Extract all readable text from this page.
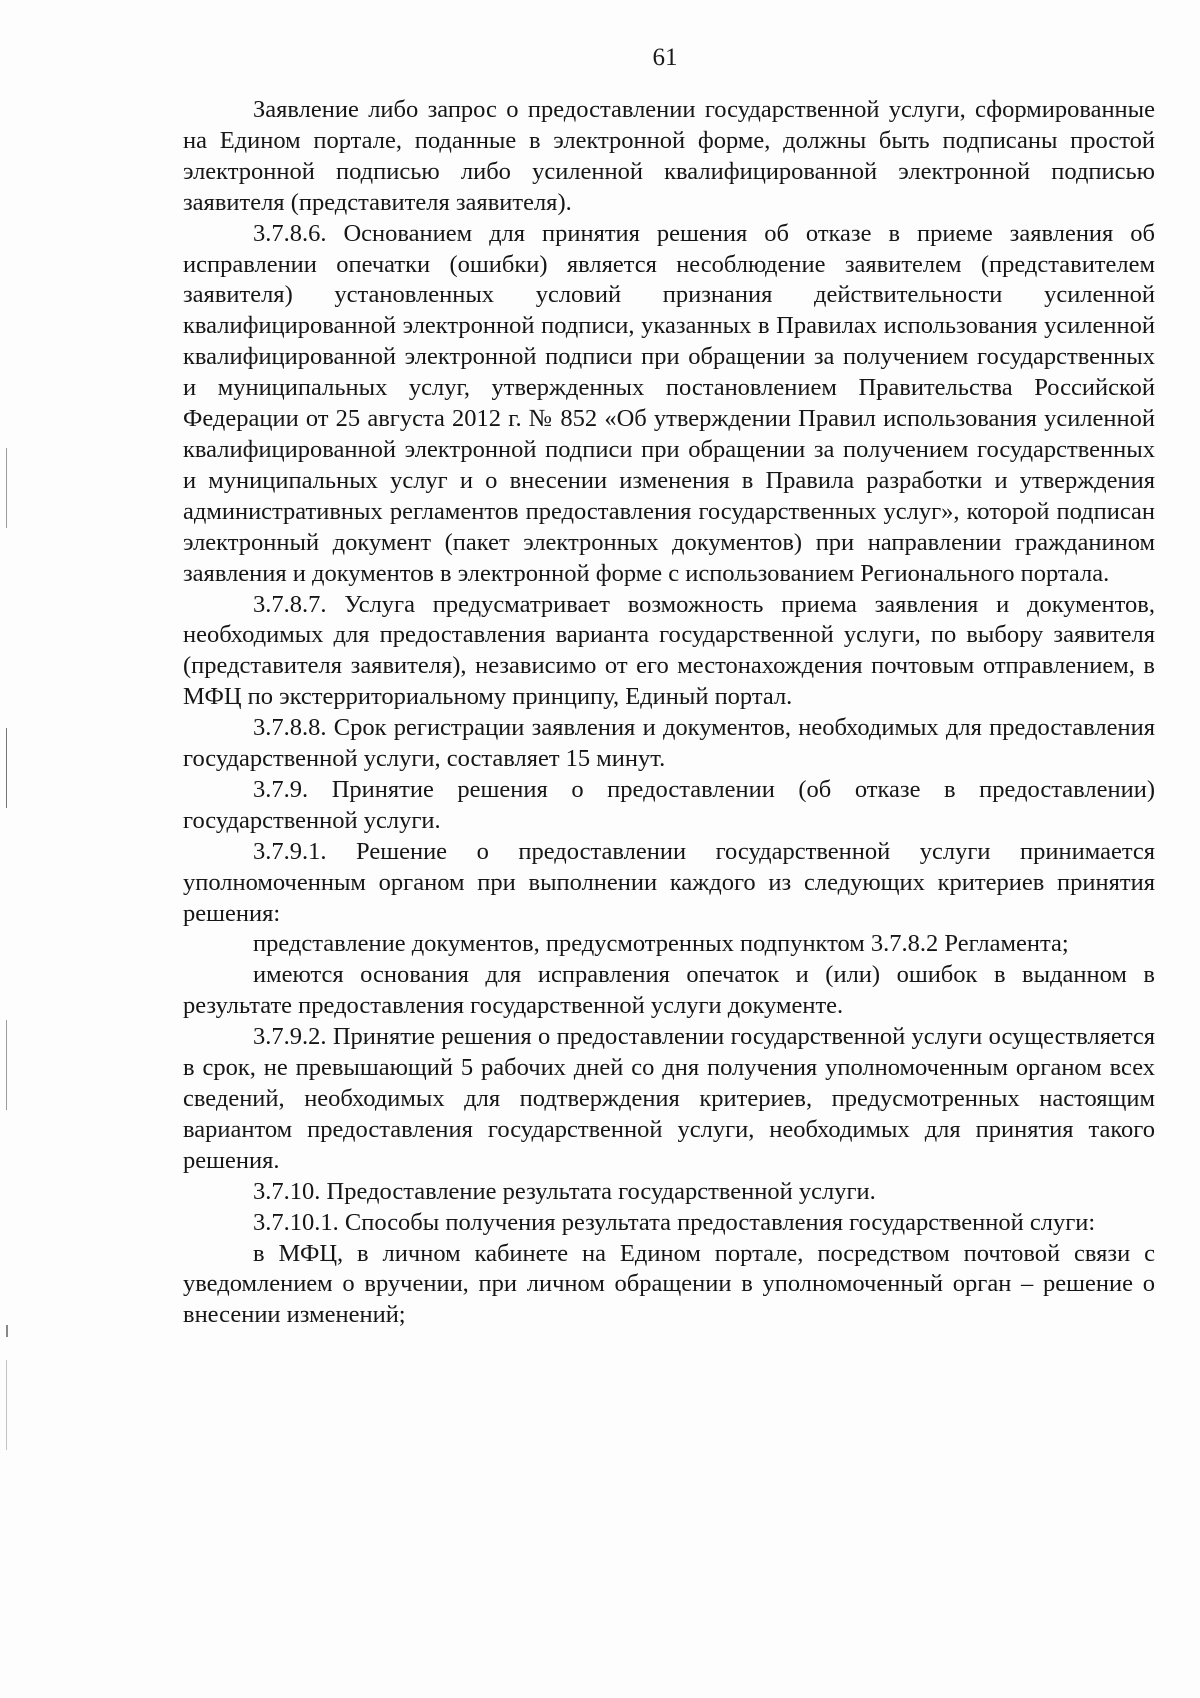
61

Заявление либо запрос о предоставлении государственной услуги, сформированные на Едином портале, поданные в электронной форме, должны быть подписаны простой электронной подписью либо усиленной квалифицированной электронной подписью заявителя (представителя заявителя).

3.7.8.6. Основанием для принятия решения об отказе в приеме заявления об исправлении опечатки (ошибки) является несоблюдение заявителем (представителем заявителя) установленных условий признания действительности усиленной квалифицированной электронной подписи, указанных в Правилах использования усиленной квалифицированной электронной подписи при обращении за получением государственных и муниципальных услуг, утвержденных постановлением Правительства Российской Федерации от 25 августа 2012 г. № 852 «Об утверждении Правил использования усиленной квалифицированной электронной подписи при обращении за получением государственных и муниципальных услуг и о внесении изменения в Правила разработки и утверждения административных регламентов предоставления государственных услуг», которой подписан электронный документ (пакет электронных документов) при направлении гражданином заявления и документов в электронной форме с использованием Регионального портала.

3.7.8.7. Услуга предусматривает возможность приема заявления и документов, необходимых для предоставления варианта государственной услуги, по выбору заявителя (представителя заявителя), независимо от его местонахождения почтовым отправлением, в МФЦ по экстерриториальному принципу, Единый портал.

3.7.8.8. Срок регистрации заявления и документов, необходимых для предоставления государственной услуги, составляет 15 минут.

3.7.9. Принятие решения о предоставлении (об отказе в предоставлении) государственной услуги.

3.7.9.1. Решение о предоставлении государственной услуги принимается уполномоченным органом при выполнении каждого из следующих критериев принятия решения:

представление документов, предусмотренных подпунктом 3.7.8.2 Регламента;

имеются основания для исправления опечаток и (или) ошибок в выданном в результате предоставления государственной услуги документе.

3.7.9.2. Принятие решения о предоставлении государственной услуги осуществляется в срок, не превышающий 5 рабочих дней со дня получения уполномоченным органом всех сведений, необходимых для подтверждения критериев, предусмотренных настоящим вариантом предоставления государственной услуги, необходимых для принятия такого решения.

3.7.10. Предоставление результата государственной услуги.

3.7.10.1. Способы получения результата предоставления государственной слуги:

в МФЦ, в личном кабинете на Едином портале, посредством почтовой связи с уведомлением о вручении, при личном обращении в уполномоченный орган – решение о внесении изменений;
